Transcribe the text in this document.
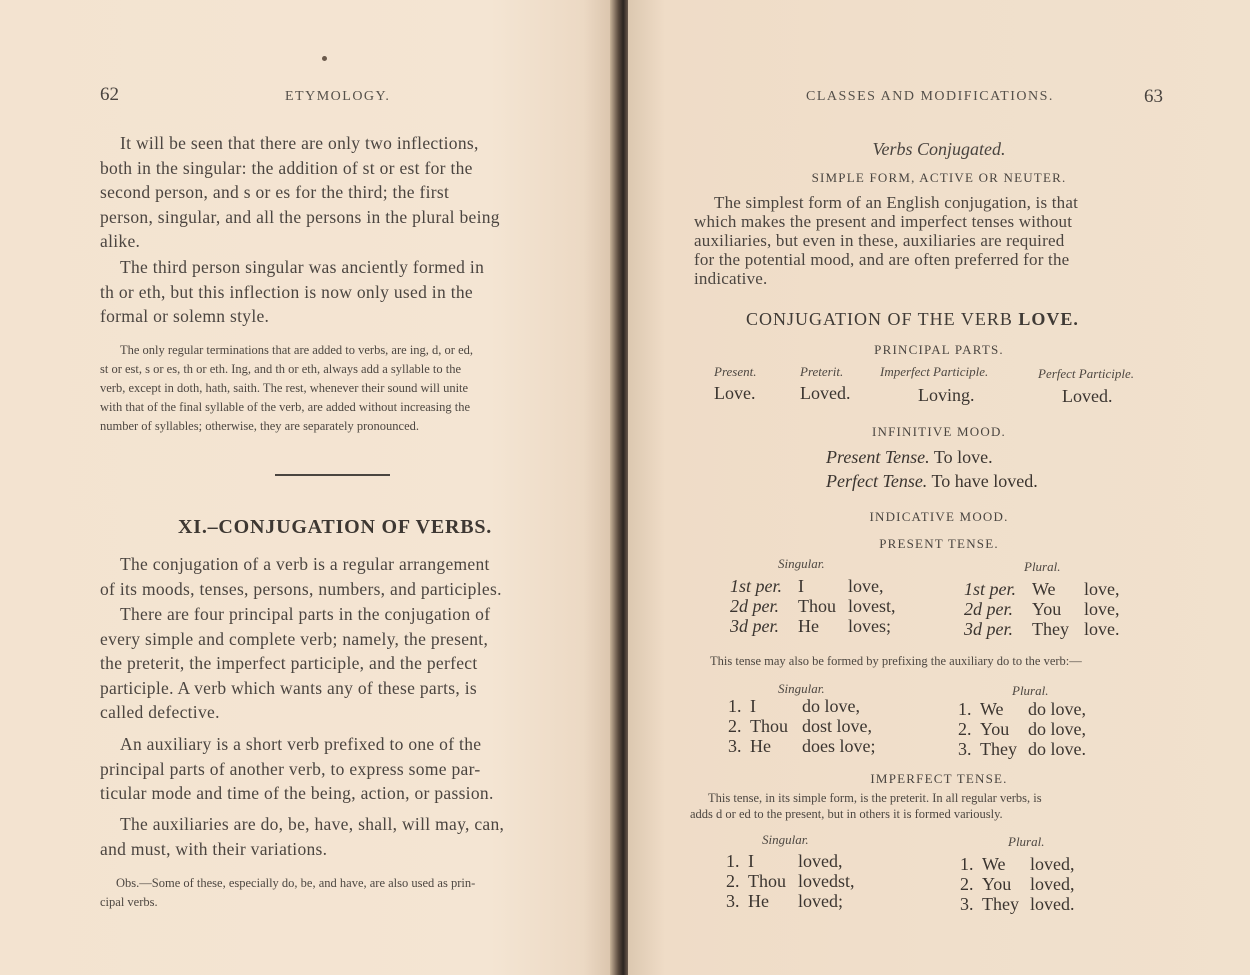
62	ETYMOLOGY.
It will be seen that there are only two inflections,
both in the singular: the addition of st or est for the
second person, and s or es for the third; the first
person, singular, and all the persons in the plural being
alike.
The third person singular was anciently formed in
th or eth, but this inflection is now only used in the
formal or solemn style.
The only regular terminations that are added to verbs, are ing, d, or ed,
st or est, s or es, th or eth. Ing, and th or eth, always add a syllable to the
verb, except in doth, hath, saith. The rest, whenever their sound will unite
with that of the final syllable of the verb, are added without increasing the
number of syllables; otherwise, they are separately pronounced.
XI.–CONJUGATION OF VERBS.
The conjugation of a verb is a regular arrangement
of its moods, tenses, persons, numbers, and participles.
There are four principal parts in the conjugation of
every simple and complete verb; namely, the present,
the preterit, the imperfect participle, and the perfect
participle. A verb which wants any of these parts, is
called defective.
An auxiliary is a short verb prefixed to one of the
principal parts of another verb, to express some par-
ticular mode and time of the being, action, or passion.
The auxiliaries are do, be, have, shall, will may, can,
and must, with their variations.
Obs.—Some of these, especially do, be, and have, are also used as prin-
cipal verbs.
CLASSES AND MODIFICATIONS.	63
Verbs Conjugated.
SIMPLE FORM, ACTIVE OR NEUTER.
The simplest form of an English conjugation, is that
which makes the present and imperfect tenses without
auxiliaries, but even in these, auxiliaries are required
for the potential mood, and are often preferred for the
indicative.
CONJUGATION OF THE VERB LOVE.
PRINCIPAL PARTS.
Present.	Preterit.	Imperfect Participle.	Perfect Participle.
Love. Loved.	Loving.	Loved.
INFINITIVE MOOD.
Present Tense. To love.
Perfect Tense. To have loved.
INDICATIVE MOOD.
PRESENT TENSE.
Singular.	Plural.
1st per. I love,
2d per. Thou lovest,
3d per. He loves;
1st per. We love,
2d per. You love,
3d per. They love.
This tense may also be formed by prefixing the auxiliary do to the verb:—
Singular.	Plural.
1. I	do love,
2. Thou dost love,
3. He does love;
1. We do love,
2. You do love,
3. They do love.
IMPERFECT TENSE.
This tense, in its simple form, is the preterit. In all regular verbs, is
adds d or ed to the present, but in others it is formed variously.
Singular.	Plural.
1. I loved,
2. Thou lovedst,
3. He loved;
1. We loved,
2. You loved,
3. They loved.
